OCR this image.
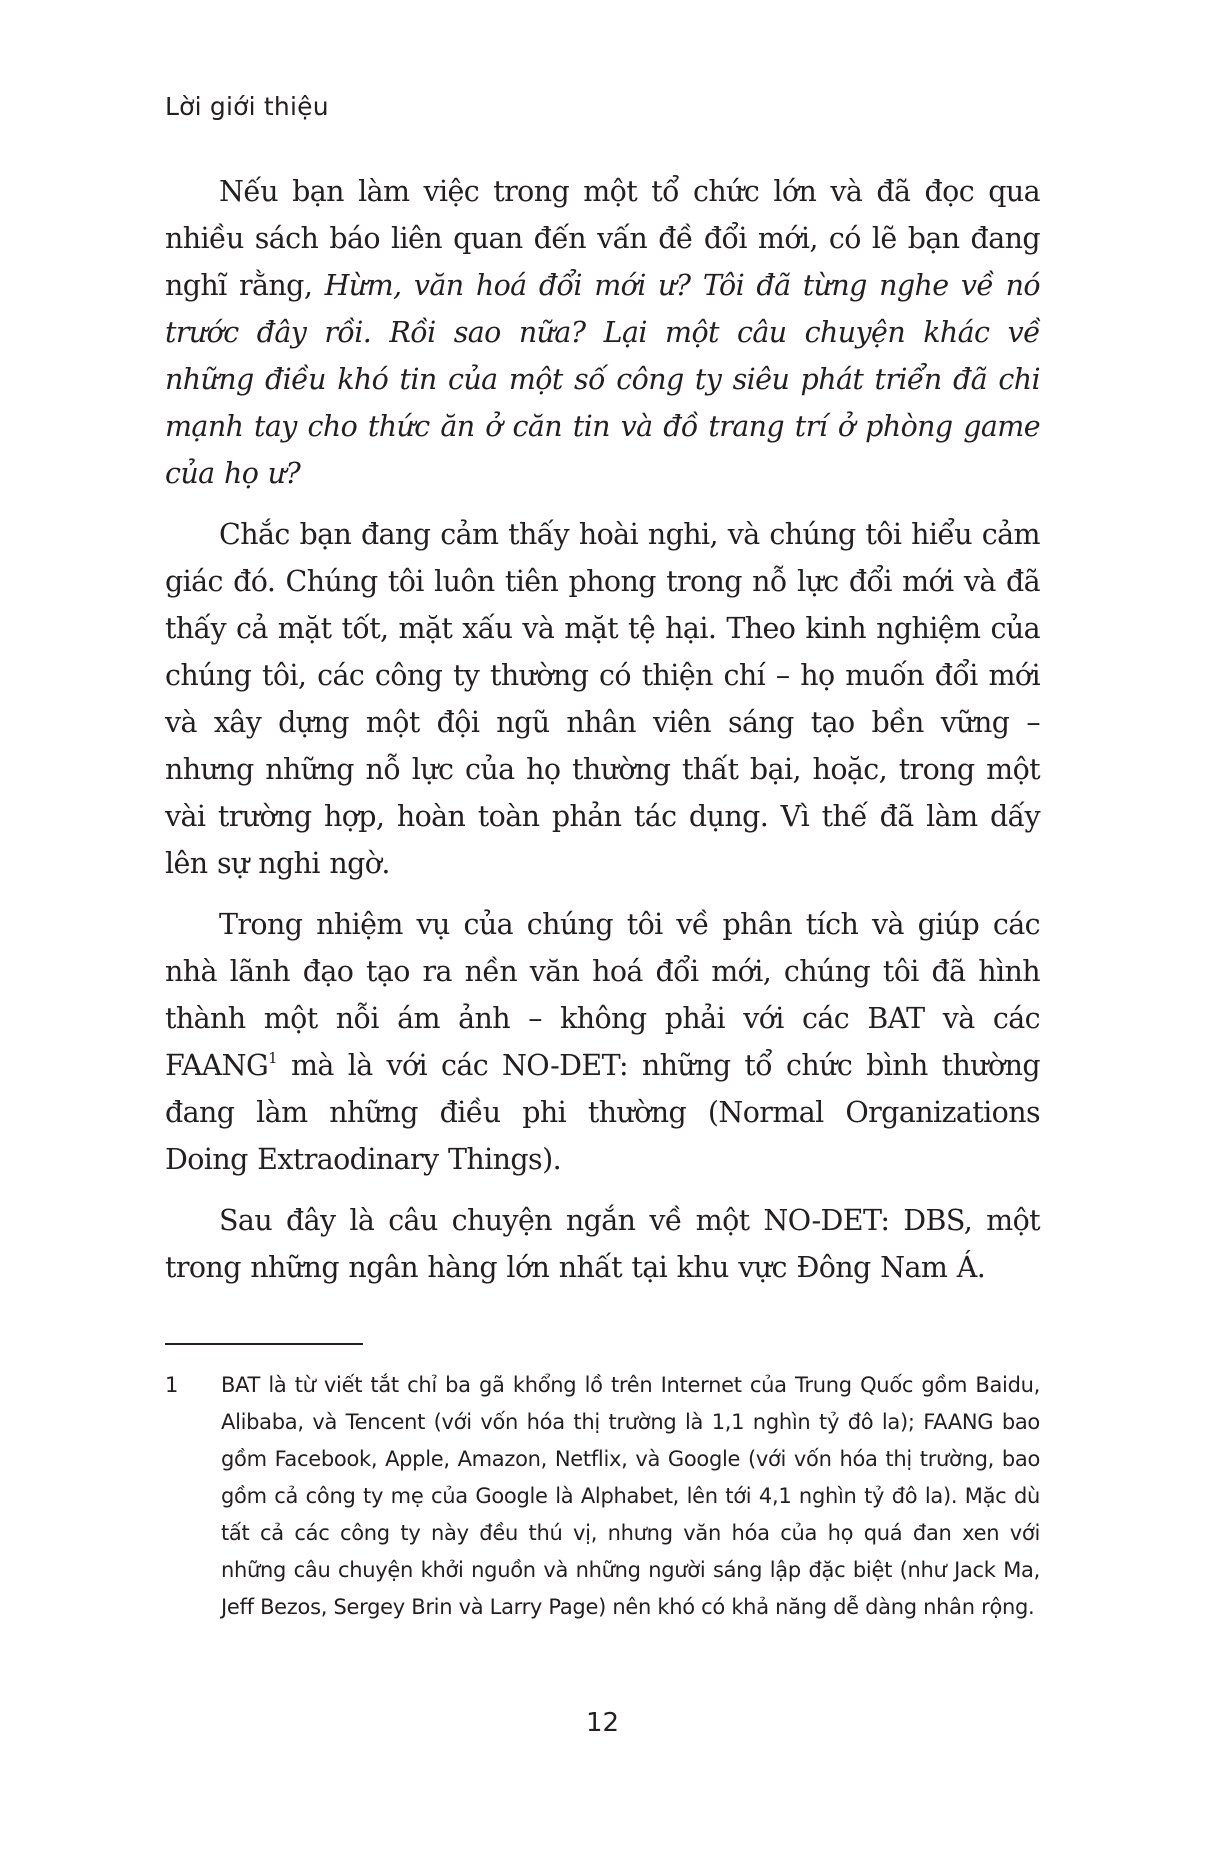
Lời giới thiệu

Nếu bạn làm việc trong một tổ chức lớn và đã đọc qua nhiều sách báo liên quan đến vấn đề đổi mới, có lẽ bạn đang nghĩ rằng, Hừm, văn hoá đổi mới ư? Tôi đã từng nghe về nó trước đây rồi. Rồi sao nữa? Lại một câu chuyện khác về những điều khó tin của một số công ty siêu phát triển đã chi mạnh tay cho thức ăn ở căn tin và đồ trang trí ở phòng game của họ ư?

Chắc bạn đang cảm thấy hoài nghi, và chúng tôi hiểu cảm giác đó. Chúng tôi luôn tiên phong trong nỗ lực đổi mới và đã thấy cả mặt tốt, mặt xấu và mặt tệ hại. Theo kinh nghiệm của chúng tôi, các công ty thường có thiện chí – họ muốn đổi mới và xây dựng một đội ngũ nhân viên sáng tạo bền vững – nhưng những nỗ lực của họ thường thất bại, hoặc, trong một vài trường hợp, hoàn toàn phản tác dụng. Vì thế đã làm dấy lên sự nghi ngờ.

Trong nhiệm vụ của chúng tôi về phân tích và giúp các nhà lãnh đạo tạo ra nền văn hoá đổi mới, chúng tôi đã hình thành một nỗi ám ảnh – không phải với các BAT và các FAANG$^1$ mà là với các NO-DET: những tổ chức bình thường đang làm những điều phi thường (Normal Organizations Doing Extraodinary Things).

Sau đây là câu chuyện ngắn về một NO-DET: DBS, một trong những ngân hàng lớn nhất tại khu vực Đông Nam Á.

1 BAT là từ viết tắt chỉ ba gã khổng lồ trên Internet của Trung Quốc gồm Baidu, Alibaba, và Tencent (với vốn hóa thị trường là 1,1 nghìn tỷ đô la); FAANG bao gồm Facebook, Apple, Amazon, Netflix, và Google (với vốn hóa thị trường, bao gồm cả công ty mẹ của Google là Alphabet, lên tới 4,1 nghìn tỷ đô la). Mặc dù tất cả các công ty này đều thú vị, nhưng văn hóa của họ quá đan xen với những câu chuyện khởi nguồn và những người sáng lập đặc biệt (như Jack Ma, Jeff Bezos, Sergey Brin và Larry Page) nên khó có khả năng dễ dàng nhân rộng.
12
